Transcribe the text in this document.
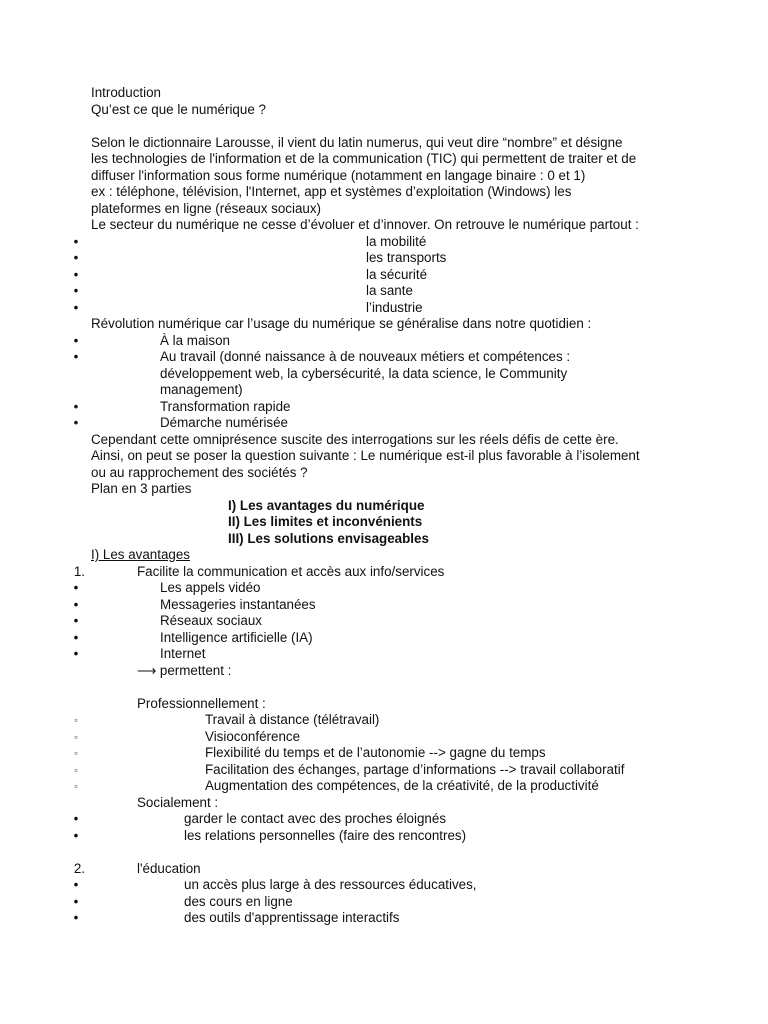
Introduction

Qu’est ce que le numérique ?

Selon le dictionnaire Larousse, il vient du latin numerus, qui veut dire “nombre” et désigne

les technologies de l'information et de la communication (TIC) qui permettent de traiter et de

diffuser l'information sous forme numérique (notamment en langage binaire : 0 et 1)

ex : téléphone, télévision, l'Internet, app et systèmes d’exploitation (Windows) les

plateformes en ligne (réseaux sociaux)

Le secteur du numérique ne cesse d’évoluer et d’innover. On retrouve le numérique partout :

•	la mobilité
•	les transports
•	la sécurité
•	la sante
•	l’industrie

Révolution numérique car l’usage du numérique se généralise dans notre quotidien :

•	À la maison
•	Au travail (donné naissance à de nouveaux métiers et compétences :
développement web, la cybersécurité, la data science, le Community
management)
•	Transformation rapide
•	Démarche numérisée

Cependant cette omniprésence suscite des interrogations sur les réels défis de cette ère.

Ainsi, on peut se poser la question suivante : Le numérique est-il plus favorable à l’isolement

ou au rapprochement des sociétés ?

Plan en 3 parties

I) Les avantages du numérique

II) Les limites et inconvénients

III) Les solutions envisageables

I) Les avantages

1.	Facilite la communication et accès aux info/services
•	Les appels vidéo
•	Messageries instantanées
•	Réseaux sociaux
•	Intelligence artificielle (IA)
•	Internet

⟶ permettent :

Professionnellement :

▫	Travail à distance (télétravail)
▫	Visioconférence
▫	Flexibilité du temps et de l’autonomie --> gagne du temps
▫	Facilitation des échanges, partage d’informations --> travail collaboratif
▫	Augmentation des compétences, de la créativité, de la productivité

Socialement :

•	garder le contact avec des proches éloignés
•	les relations personnelles (faire des rencontres)
2.	l'éducation
•	un accès plus large à des ressources éducatives,
•	des cours en ligne
•	des outils d'apprentissage interactifs
